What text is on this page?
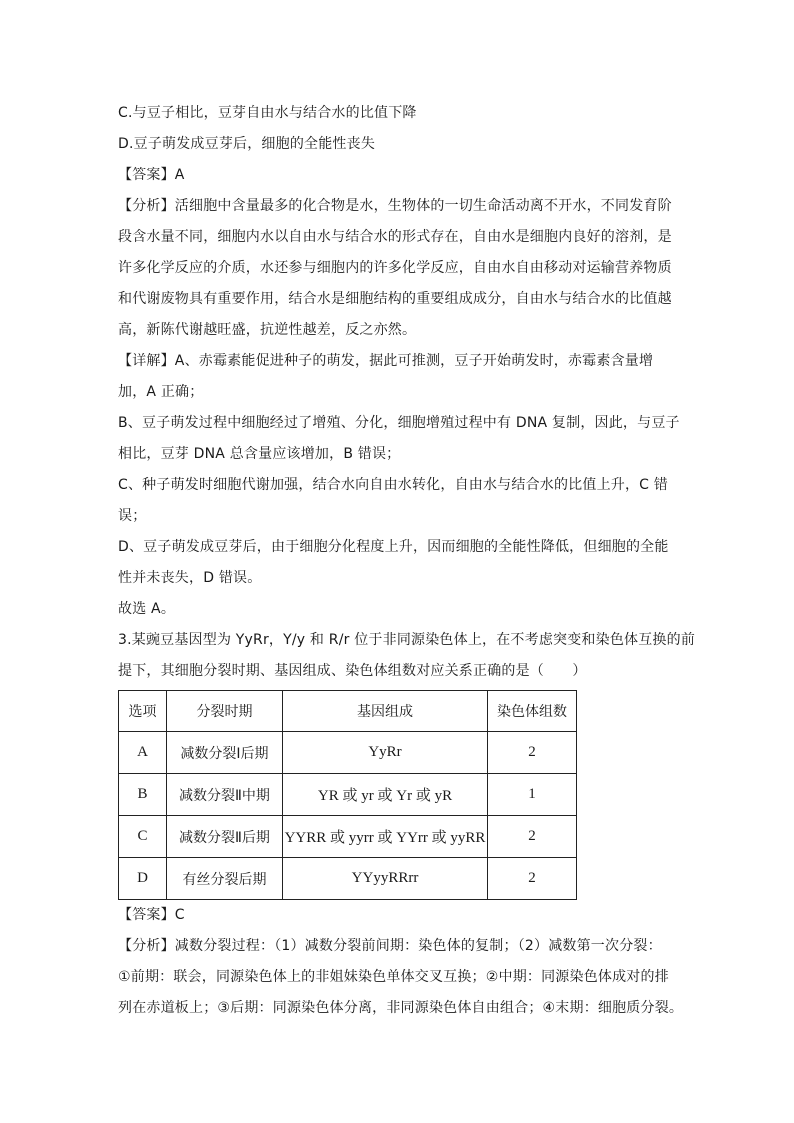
C.与豆子相比，豆芽自由水与结合水的比值下降
D.豆子萌发成豆芽后，细胞的全能性丧失
【答案】A
【分析】活细胞中含量最多的化合物是水，生物体的一切生命活动离不开水，不同发育阶
段含水量不同，细胞内水以自由水与结合水的形式存在，自由水是细胞内良好的溶剂，是
许多化学反应的介质，水还参与细胞内的许多化学反应，自由水自由移动对运输营养物质
和代谢废物具有重要作用，结合水是细胞结构的重要组成成分，自由水与结合水的比值越
高，新陈代谢越旺盛，抗逆性越差，反之亦然。
【详解】A、赤霉素能促进种子的萌发，据此可推测，豆子开始萌发时，赤霉素含量增
加，A 正确；
B、豆子萌发过程中细胞经过了增殖、分化，细胞增殖过程中有 DNA 复制，因此，与豆子
相比，豆芽 DNA 总含量应该增加，B 错误；
C、种子萌发时细胞代谢加强，结合水向自由水转化，自由水与结合水的比值上升，C 错
误；
D、豆子萌发成豆芽后，由于细胞分化程度上升，因而细胞的全能性降低，但细胞的全能
性并未丧失，D 错误。
故选 A。
3.某豌豆基因型为 YyRr，Y/y 和 R/r 位于非同源染色体上，在不考虑突变和染色体互换的前
提下，其细胞分裂时期、基因组成、染色体组数对应关系正确的是（　　）
选项	分裂时期	基因组成	染色体组数
A	减数分裂Ⅰ后期	YyRr	2
B	减数分裂Ⅱ中期	YR 或 yr 或 Yr 或 yR	1
C	减数分裂Ⅱ后期	YYRR 或 yyrr 或 YYrr 或 yyRR	2
D	有丝分裂后期	YYyyRRrr	2
【答案】C
【分析】减数分裂过程：（1）减数分裂前间期：染色体的复制；（2）减数第一次分裂：
①前期：联会，同源染色体上的非姐妹染色单体交叉互换；②中期：同源染色体成对的排
列在赤道板上；③后期：同源染色体分离，非同源染色体自由组合；④末期：细胞质分裂。
